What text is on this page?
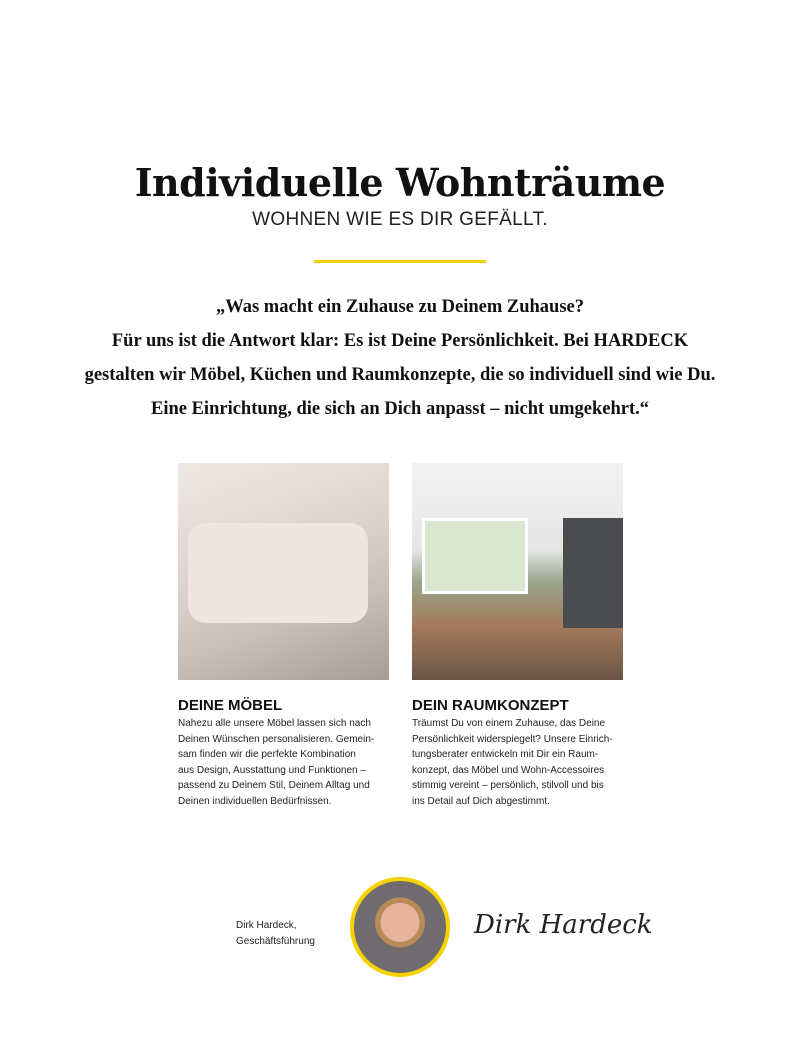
Individuelle Wohnträume
WOHNEN WIE ES DIR GEFÄLLT.
„Was macht ein Zuhause zu Deinem Zuhause?
Für uns ist die Antwort klar: Es ist Deine Persönlichkeit. Bei HARDECK
gestalten wir Möbel, Küchen und Raumkonzepte, die so individuell sind wie Du.
Eine Einrichtung, die sich an Dich anpasst – nicht umgekehrt.“
DEINE MÖBEL
Nahezu alle unsere Möbel lassen sich nach
Deinen Wünschen personalisieren. Gemein-
sam finden wir die perfekte Kombination
aus Design, Ausstattung und Funktionen –
passend zu Deinem Stil, Deinem Alltag und
Deinen individuellen Bedürfnissen.
DEIN RAUMKONZEPT
Träumst Du von einem Zuhause, das Deine
Persönlichkeit widerspiegelt? Unsere Einrich-
tungsberater entwickeln mit Dir ein Raum-
konzept, das Möbel und Wohn-Accessoires
stimmig vereint – persönlich, stilvoll und bis
ins Detail auf Dich abgestimmt.
Dirk Hardeck,
Geschäftsführung
Dirk Hardeck
